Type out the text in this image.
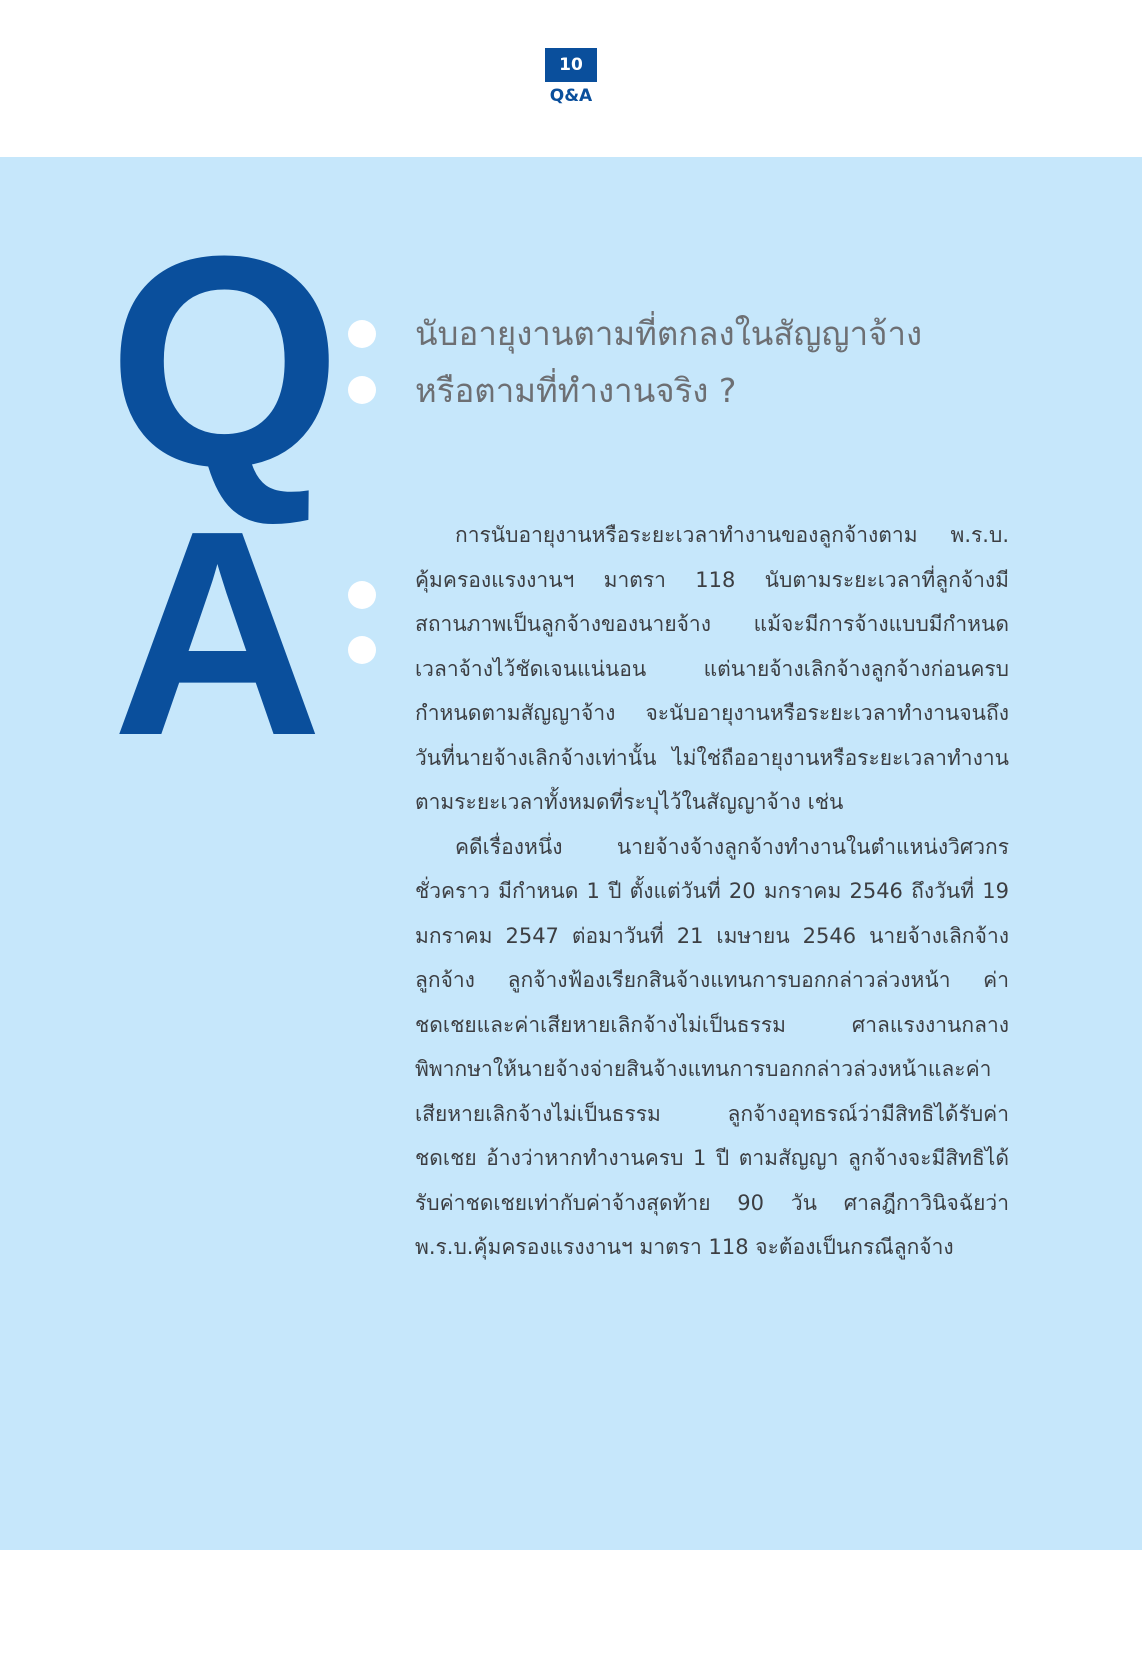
10
Q&A
Q
A
นับอายุงานตามที่ตกลงในสัญญาจ้าง
หรือตามที่ทำงานจริง ?

การนับอายุงานหรือระยะเวลาทำงานของลูกจ้างตาม พ.ร.บ. คุ้มครองแรงงานฯ มาตรา 118 นับตามระยะเวลาที่ลูกจ้างมีสถานภาพเป็นลูกจ้างของนายจ้าง แม้จะมีการจ้างแบบมีกำหนดเวลาจ้างไว้ชัดเจนแน่นอน แต่นายจ้างเลิกจ้างลูกจ้างก่อนครบกำหนดตามสัญญาจ้าง จะนับอายุงานหรือระยะเวลาทำงานจนถึงวันที่นายจ้างเลิกจ้างเท่านั้น ไม่ใช่ถืออายุงานหรือระยะเวลาทำงานตามระยะเวลาทั้งหมดที่ระบุไว้ในสัญญาจ้าง เช่น

คดีเรื่องหนึ่ง นายจ้างจ้างลูกจ้างทำงานในตำแหน่งวิศวกรชั่วคราว มีกำหนด 1 ปี ตั้งแต่วันที่ 20 มกราคม 2546 ถึงวันที่ 19 มกราคม 2547 ต่อมาวันที่ 21 เมษายน 2546 นายจ้างเลิกจ้างลูกจ้าง ลูกจ้างฟ้องเรียกสินจ้างแทนการบอกกล่าวล่วงหน้า ค่าชดเชยและค่าเสียหายเลิกจ้างไม่เป็นธรรม ศาลแรงงานกลางพิพากษาให้นายจ้างจ่ายสินจ้างแทนการบอกกล่าวล่วงหน้าและค่าเสียหายเลิกจ้างไม่เป็นธรรม ลูกจ้างอุทธรณ์ว่ามีสิทธิได้รับค่าชดเชย อ้างว่าหากทำงานครบ 1 ปี ตามสัญญา ลูกจ้างจะมีสิทธิได้รับค่าชดเชยเท่ากับค่าจ้างสุดท้าย 90 วัน ศาลฎีกาวินิจฉัยว่า พ.ร.บ.คุ้มครองแรงงานฯ มาตรา 118 จะต้องเป็นกรณีลูกจ้าง
